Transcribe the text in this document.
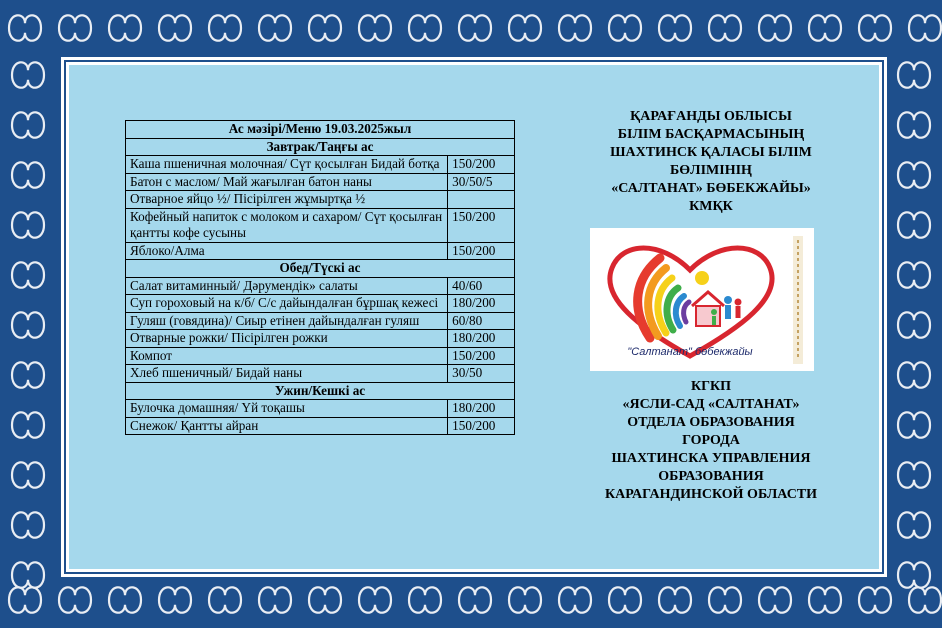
Ас мәзірі/Меню 19.03.2025жыл	
Завтрак/Таңғы ас	
Каша пшеничная молочная/ Сүт қосылған Бидай ботқа	150/200
Батон с маслом/ Май жағылған батон наны	30/50/5
Отварное яйцо ½/ Пісірілген жұмыртқа ½	
Кофейный напиток с молоком и сахаром/ Сүт қосылған қантты кофе сусыны	150/200
Яблоко/Алма	150/200
Обед/Түскі ас	
Салат витаминный/ Дәрумендік» салаты	40/60
Суп гороховый на к/б/ С/с дайындалған бұршақ кежесі	180/200
Гуляш (говядина)/ Сиыр етінен дайындалған гуляш	60/80
Отварные рожки/ Пісірілген рожки	180/200
Компот	150/200
Хлеб пшеничный/ Бидай наны	30/50
Ужин/Кешкі ас	
Булочка домашняя/ Үй тоқашы	180/200
Снежок/ Қантты айран	150/200
ҚАРАҒАНДЫ ОБЛЫСЫ
БІЛІМ БАСҚАРМАСЫНЫҢ
ШАХТИНСК ҚАЛАСЫ БІЛІМ
БӨЛІМІНІҢ
«САЛТАНАТ» БӨБЕКЖАЙЫ»
КМҚК
"Салтанат" бөбекжайы
КГКП
«ЯСЛИ-САД «САЛТАНАТ»
ОТДЕЛА ОБРАЗОВАНИЯ
ГОРОДА
ШАХТИНСКА УПРАВЛЕНИЯ
ОБРАЗОВАНИЯ
КАРАГАНДИНСКОЙ ОБЛАСТИ
